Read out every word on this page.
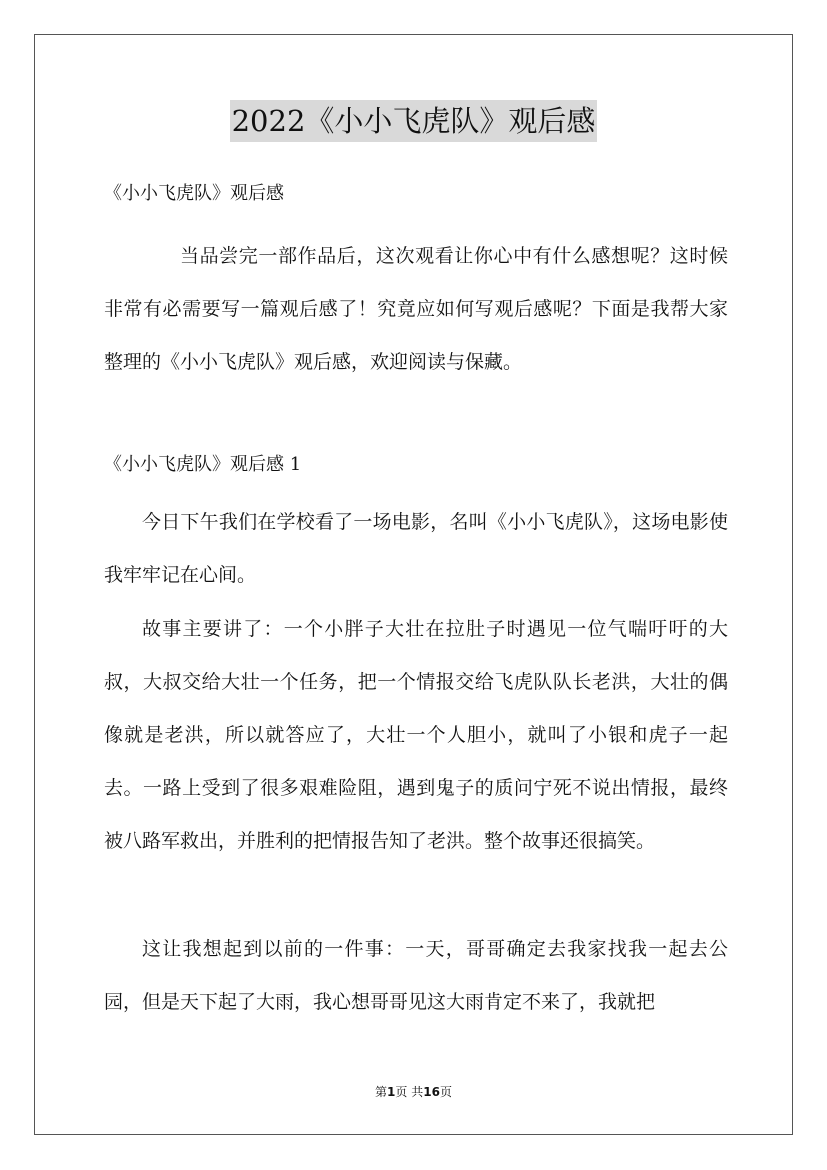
2022《小小飞虎队》观后感
《小小飞虎队》观后感

当品尝完一部作品后，这次观看让你心中有什么感想呢？这时候非常有必需要写一篇观后感了！究竟应如何写观后感呢？下面是我帮大家整理的《小小飞虎队》观后感，欢迎阅读与保藏。

《小小飞虎队》观后感 1

今日下午我们在学校看了一场电影，名叫《小小飞虎队》，这场电影使我牢牢记在心间。

故事主要讲了：一个小胖子大壮在拉肚子时遇见一位气喘吁吁的大叔，大叔交给大壮一个任务，把一个情报交给飞虎队队长老洪，大壮的偶像就是老洪，所以就答应了，大壮一个人胆小，就叫了小银和虎子一起去。一路上受到了很多艰难险阻，遇到鬼子的质问宁死不说出情报，最终被八路军救出，并胜利的把情报告知了老洪。整个故事还很搞笑。

这让我想起到以前的一件事：一天，哥哥确定去我家找我一起去公园，但是天下起了大雨，我心想哥哥见这大雨肯定不来了，我就把

第1页 共16页
